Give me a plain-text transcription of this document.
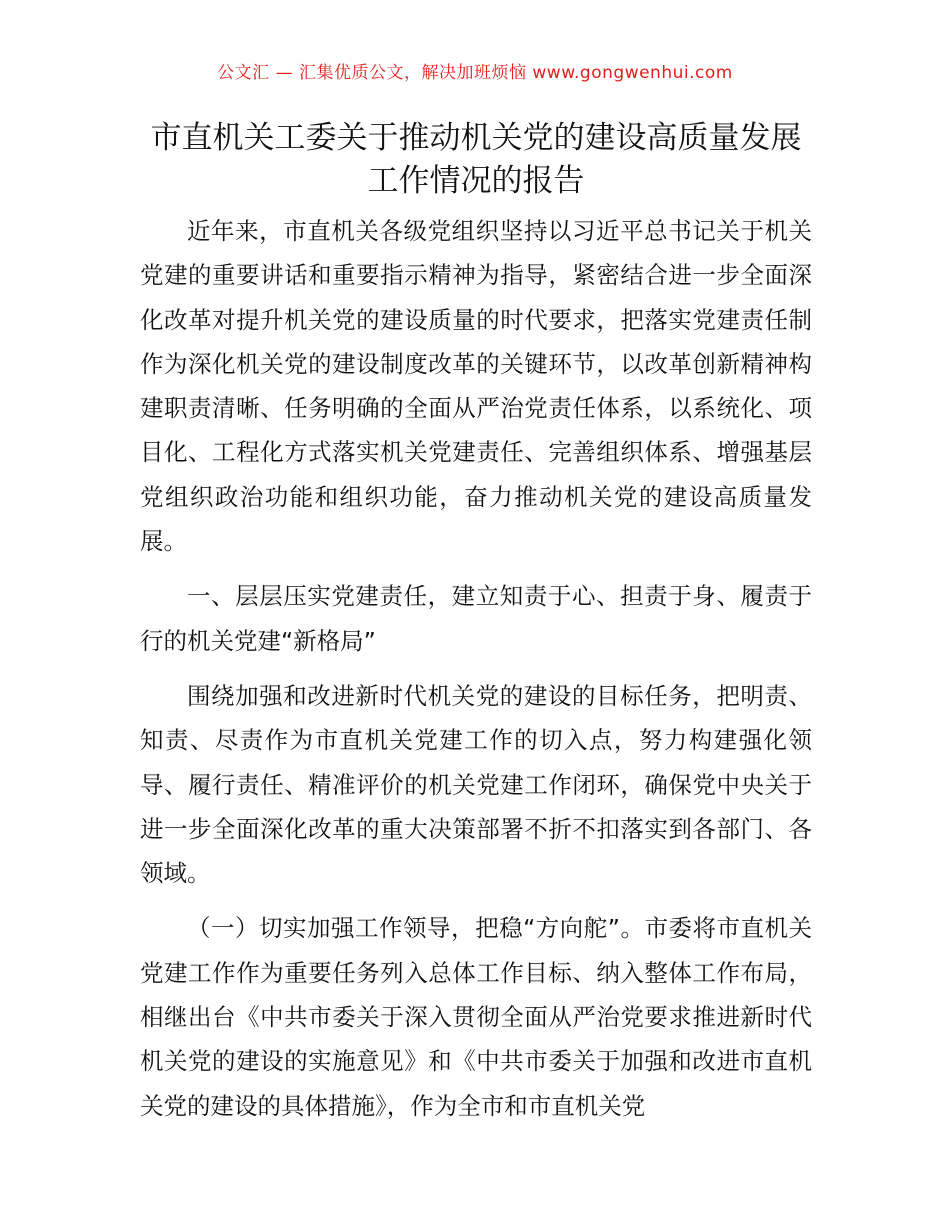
公文汇 — 汇集优质公文，解决加班烦恼 www.gongwenhui.com
市直机关工委关于推动机关党的建设高质量发展工作情况的报告

近年来，市直机关各级党组织坚持以习近平总书记关于机关党建的重要讲话和重要指示精神为指导，紧密结合进一步全面深化改革对提升机关党的建设质量的时代要求，把落实党建责任制作为深化机关党的建设制度改革的关键环节，以改革创新精神构建职责清晰、任务明确的全面从严治党责任体系，以系统化、项目化、工程化方式落实机关党建责任、完善组织体系、增强基层党组织政治功能和组织功能，奋力推动机关党的建设高质量发展。

一、层层压实党建责任，建立知责于心、担责于身、履责于行的机关党建“新格局”

围绕加强和改进新时代机关党的建设的目标任务，把明责、知责、尽责作为市直机关党建工作的切入点，努力构建强化领导、履行责任、精准评价的机关党建工作闭环，确保党中央关于进一步全面深化改革的重大决策部署不折不扣落实到各部门、各领域。

（一）切实加强工作领导，把稳“方向舵”。市委将市直机关党建工作作为重要任务列入总体工作目标、纳入整体工作布局，相继出台《中共市委关于深入贯彻全面从严治党要求推进新时代机关党的建设的实施意见》和《中共市委关于加强和改进市直机关党的建设的具体措施》，作为全市和市直机关党
